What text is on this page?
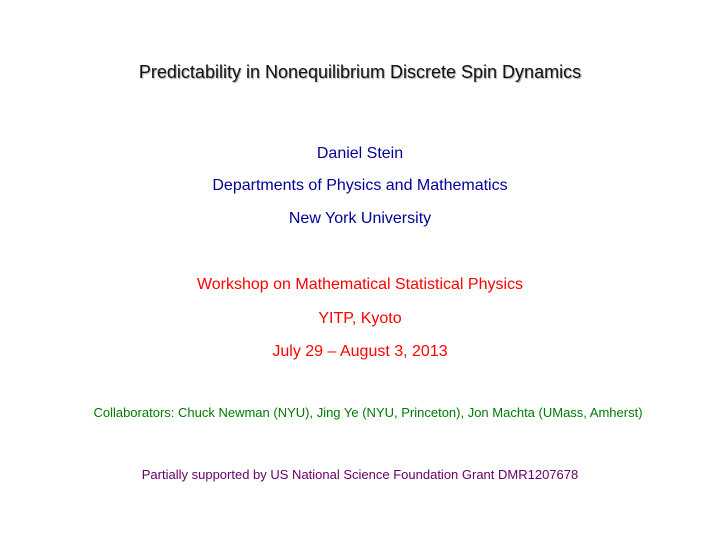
Predictability in Nonequilibrium Discrete Spin Dynamics
Daniel Stein
Departments of Physics and Mathematics
New York University
Workshop on Mathematical Statistical Physics
YITP, Kyoto
July 29 – August 3, 2013
Collaborators: Chuck Newman (NYU), Jing Ye (NYU, Princeton), Jon Machta (UMass, Amherst)
Partially supported by US National Science Foundation Grant DMR1207678
